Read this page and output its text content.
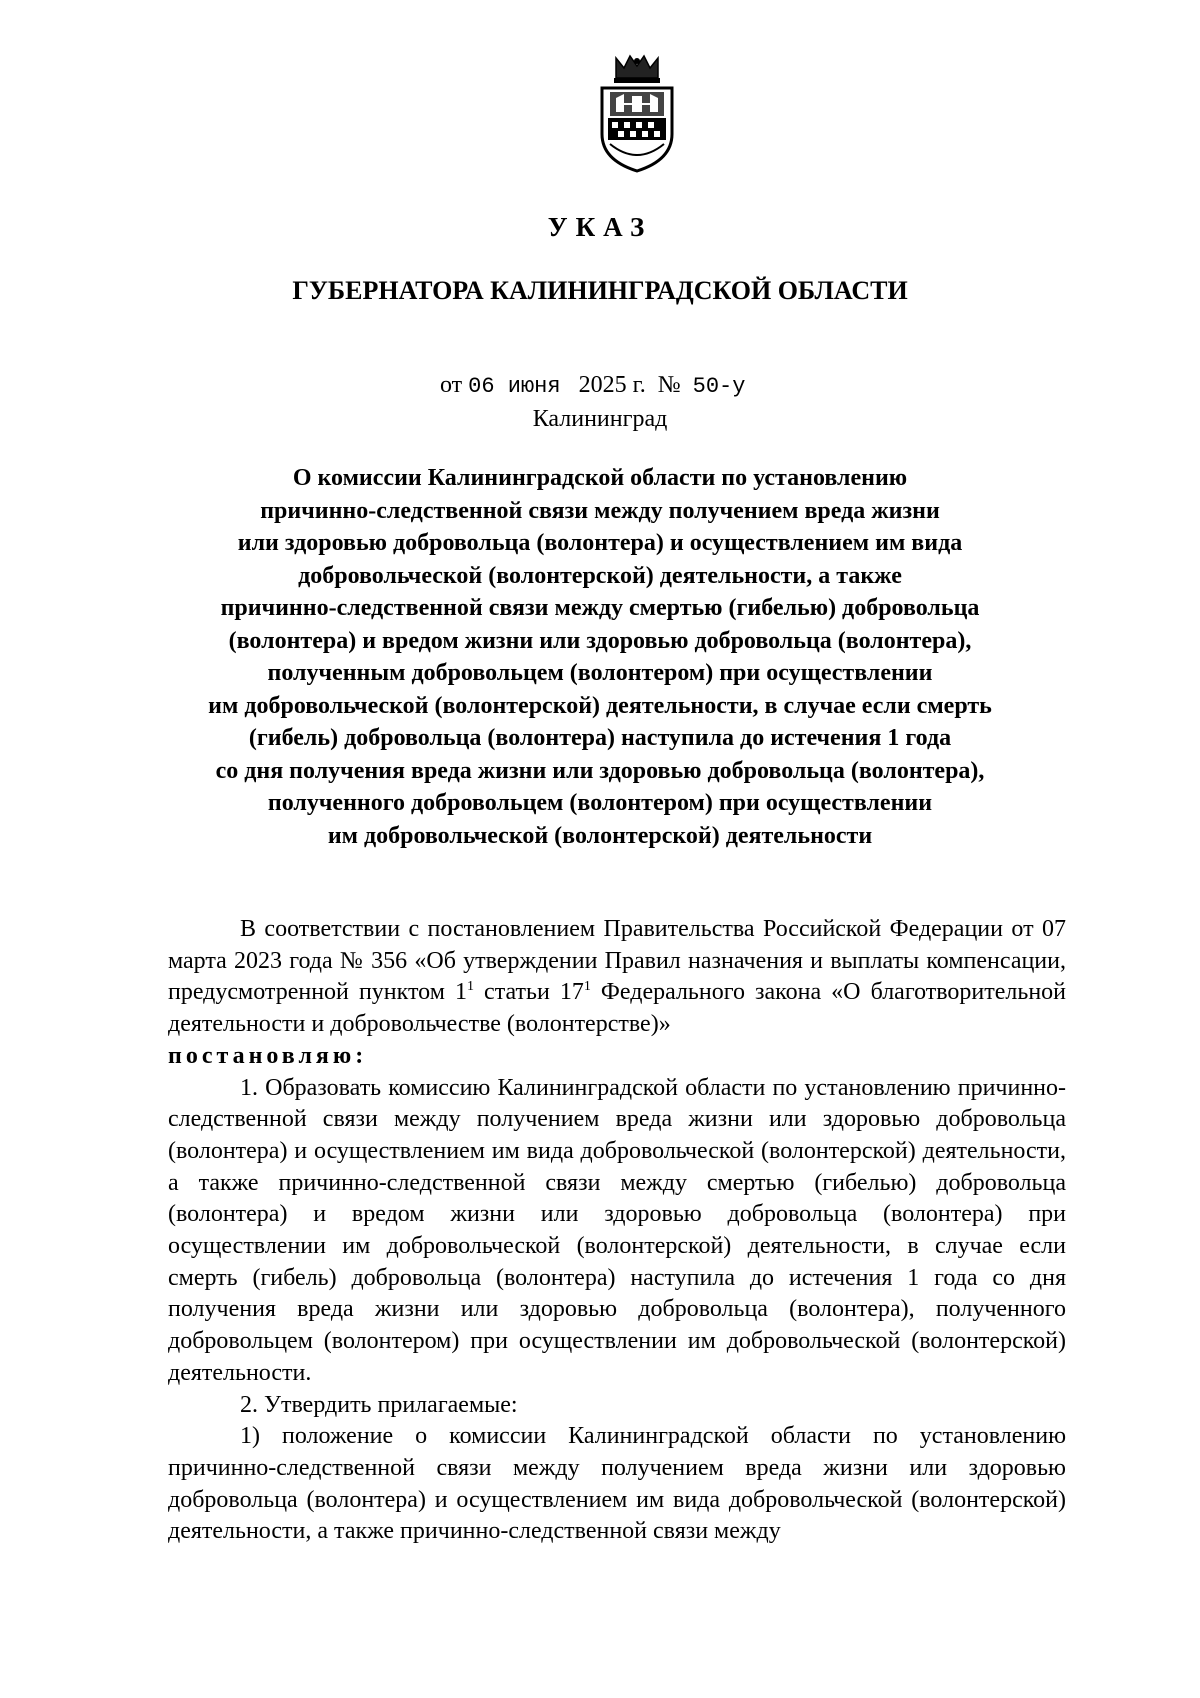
УКАЗ
ГУБЕРНАТОРА КАЛИНИНГРАДСКОЙ ОБЛАСТИ
от 06 июня 2025 г. № 50-у
Калининград
О комиссии Калининградской области по установлению
причинно-следственной связи между получением вреда жизни
или здоровью добровольца (волонтера) и осуществлением им вида
добровольческой (волонтерской) деятельности, а также
причинно-следственной связи между смертью (гибелью) добровольца
(волонтера) и вредом жизни или здоровью добровольца (волонтера),
полученным добровольцем (волонтером) при осуществлении
им добровольческой (волонтерской) деятельности, в случае если смерть
(гибель) добровольца (волонтера) наступила до истечения 1 года
со дня получения вреда жизни или здоровью добровольца (волонтера),
полученного добровольцем (волонтером) при осуществлении
им добровольческой (волонтерской) деятельности

В соответствии с постановлением Правительства Российской Федерации от 07 марта 2023 года № 356 «Об утверждении Правил назначения и выплаты компенсации, предусмотренной пунктом $1^1$ статьи $17^1$ Федерального закона «О благотворительной деятельности и добровольчестве (волонтерстве)»

постановляю:

1. Образовать комиссию Калининградской области по установлению причинно-следственной связи между получением вреда жизни или здоровью добровольца (волонтера) и осуществлением им вида добровольческой (волонтерской) деятельности, а также причинно-следственной связи между смертью (гибелью) добровольца (волонтера) и вредом жизни или здоровью добровольца (волонтера) при осуществлении им добровольческой (волонтерской) деятельности, в случае если смерть (гибель) добровольца (волонтера) наступила до истечения 1 года со дня получения вреда жизни или здоровью добровольца (волонтера), полученного добровольцем (волонтером) при осуществлении им добровольческой (волонтерской) деятельности.

2. Утвердить прилагаемые:

1) положение о комиссии Калининградской области по установлению причинно-следственной связи между получением вреда жизни или здоровью добровольца (волонтера) и осуществлением им вида добровольческой (волонтерской) деятельности, а также причинно-следственной связи между
